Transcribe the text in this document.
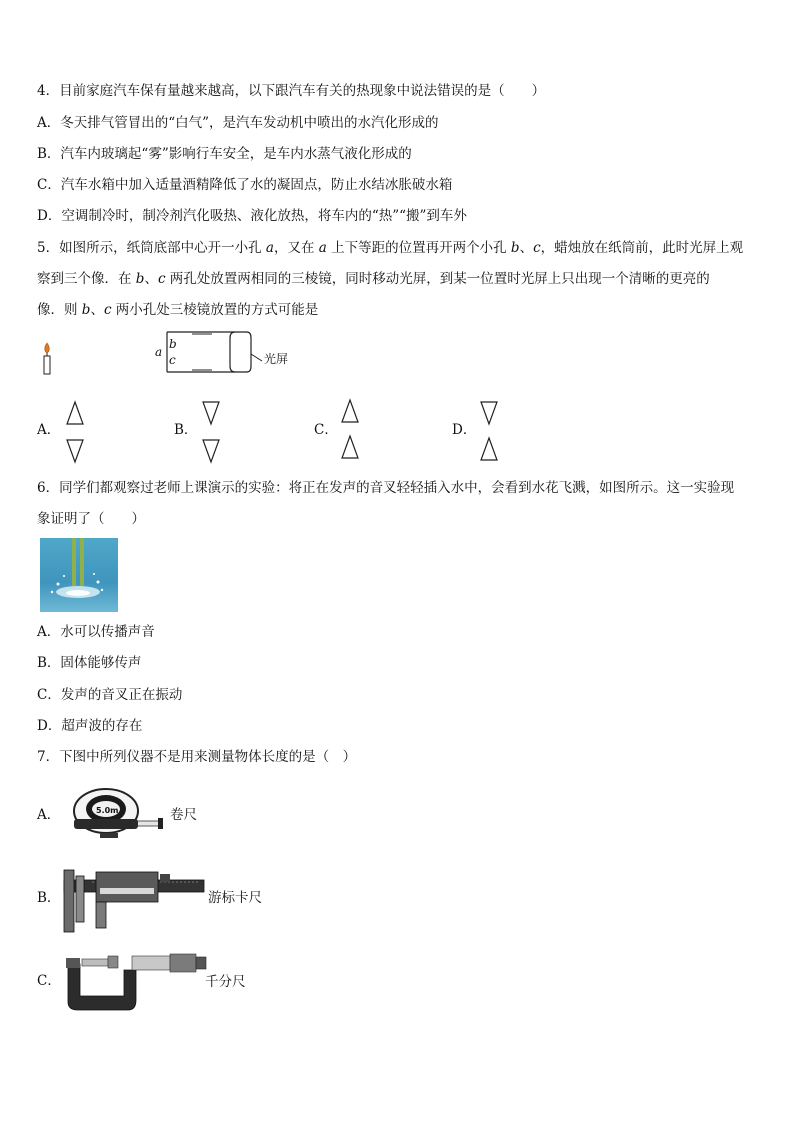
4．目前家庭汽车保有量越来越高，以下跟汽车有关的热现象中说法错误的是（　　）
A．冬天排气管冒出的“白气”，是汽车发动机中喷出的水汽化形成的
B．汽车内玻璃起“雾”影响行车安全，是车内水蒸气液化形成的
C．汽车水箱中加入适量酒精降低了水的凝固点，防止水结冰胀破水箱
D．空调制冷时，制冷剂汽化吸热、液化放热，将车内的“热”“搬”到车外
5．如图所示，纸筒底部中心开一小孔 a，又在 a 上下等距的位置再开两个小孔 b、c，蜡烛放在纸筒前，此时光屏上观
察到三个像．在 b、c 两孔处放置两相同的三棱镜，同时移动光屏，到某一位置时光屏上只出现一个清晰的更亮的
像．则 b、c 两小孔处三棱镜放置的方式可能是
a
b
c	光屏
A．	B．	C．	D．
6．同学们都观察过老师上课演示的实验：将正在发声的音叉轻轻插入水中，会看到水花飞溅，如图所示。这一实验现
象证明了（　　）
A．水可以传播声音
B．固体能够传声
C．发声的音叉正在振动
D．超声波的存在
7．下图中所列仪器不是用来测量物体长度的是（　）
A．	5.0m	卷尺
B．	游标卡尺
C．	千分尺
